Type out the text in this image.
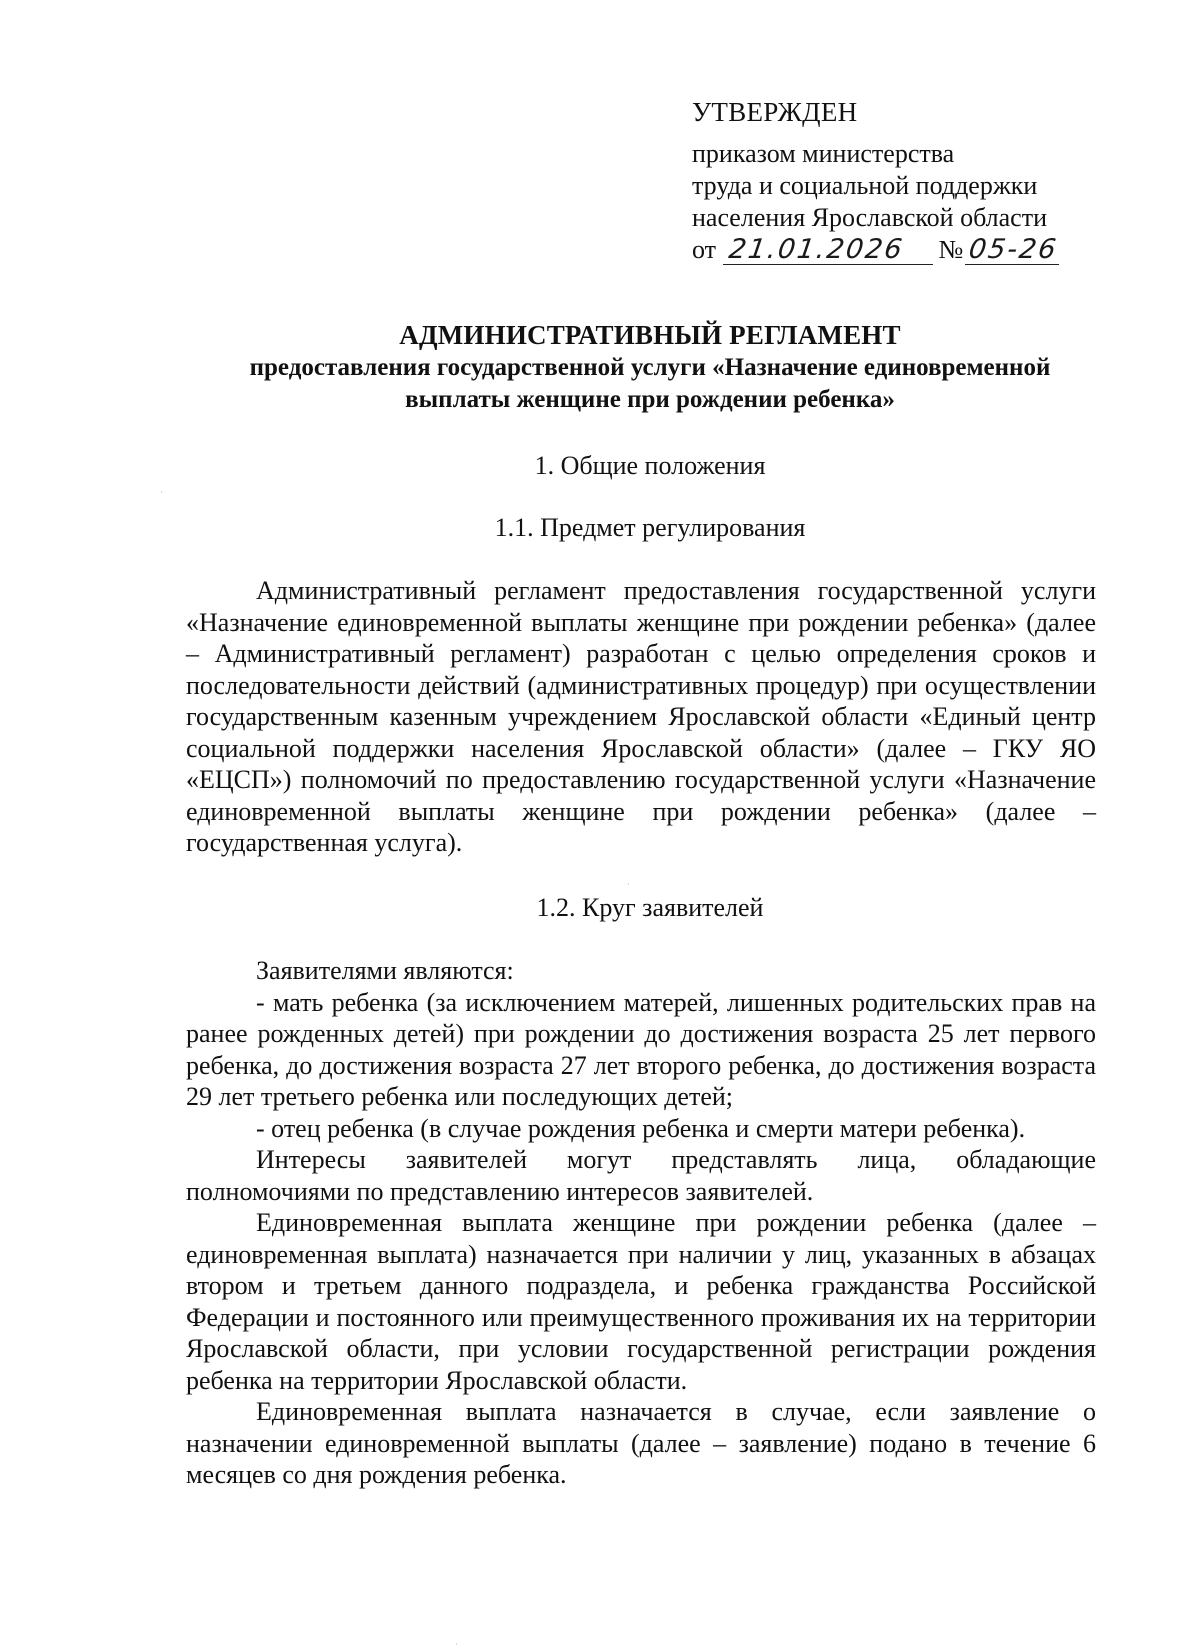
УТВЕРЖДЕН
приказом министерства
труда и социальной поддержки
населения Ярославской области
от 21.01.2026 № 05-26
АДМИНИСТРАТИВНЫЙ РЕГЛАМЕНТ
предоставления государственной услуги «Назначение единовременной
выплаты женщине при рождении ребенка»
1. Общие положения
1.1. Предмет регулирования

Административный регламент предоставления государственной услуги «Назначение единовременной выплаты женщине при рождении ребенка» (далее – Административный регламент) разработан с целью определения сроков и последовательности действий (административных процедур) при осуществлении государственным казенным учреждением Ярославской области «Единый центр социальной поддержки населения Ярославской области» (далее – ГКУ ЯО «ЕЦСП») полномочий по предоставлению государственной услуги «Назначение единовременной выплаты женщине при рождении ребенка» (далее – государственная услуга).

1.2. Круг заявителей

Заявителями являются:

- мать ребенка (за исключением матерей, лишенных родительских прав на ранее рожденных детей) при рождении до достижения возраста 25 лет первого ребенка, до достижения возраста 27 лет второго ребенка, до достижения возраста 29 лет третьего ребенка или последующих детей;

- отец ребенка (в случае рождения ребенка и смерти матери ребенка).

Интересы заявителей могут представлять лица, обладающие полномочиями по представлению интересов заявителей.

Единовременная выплата женщине при рождении ребенка (далее – единовременная выплата) назначается при наличии у лиц, указанных в абзацах втором и третьем данного подраздела, и ребенка гражданства Российской Федерации и постоянного или преимущественного проживания их на территории Ярославской области, при условии государственной регистрации рождения ребенка на территории Ярославской области.

Единовременная выплата назначается в случае, если заявление о назначении единовременной выплаты (далее – заявление) подано в течение 6 месяцев со дня рождения ребенка.

·
·
·
